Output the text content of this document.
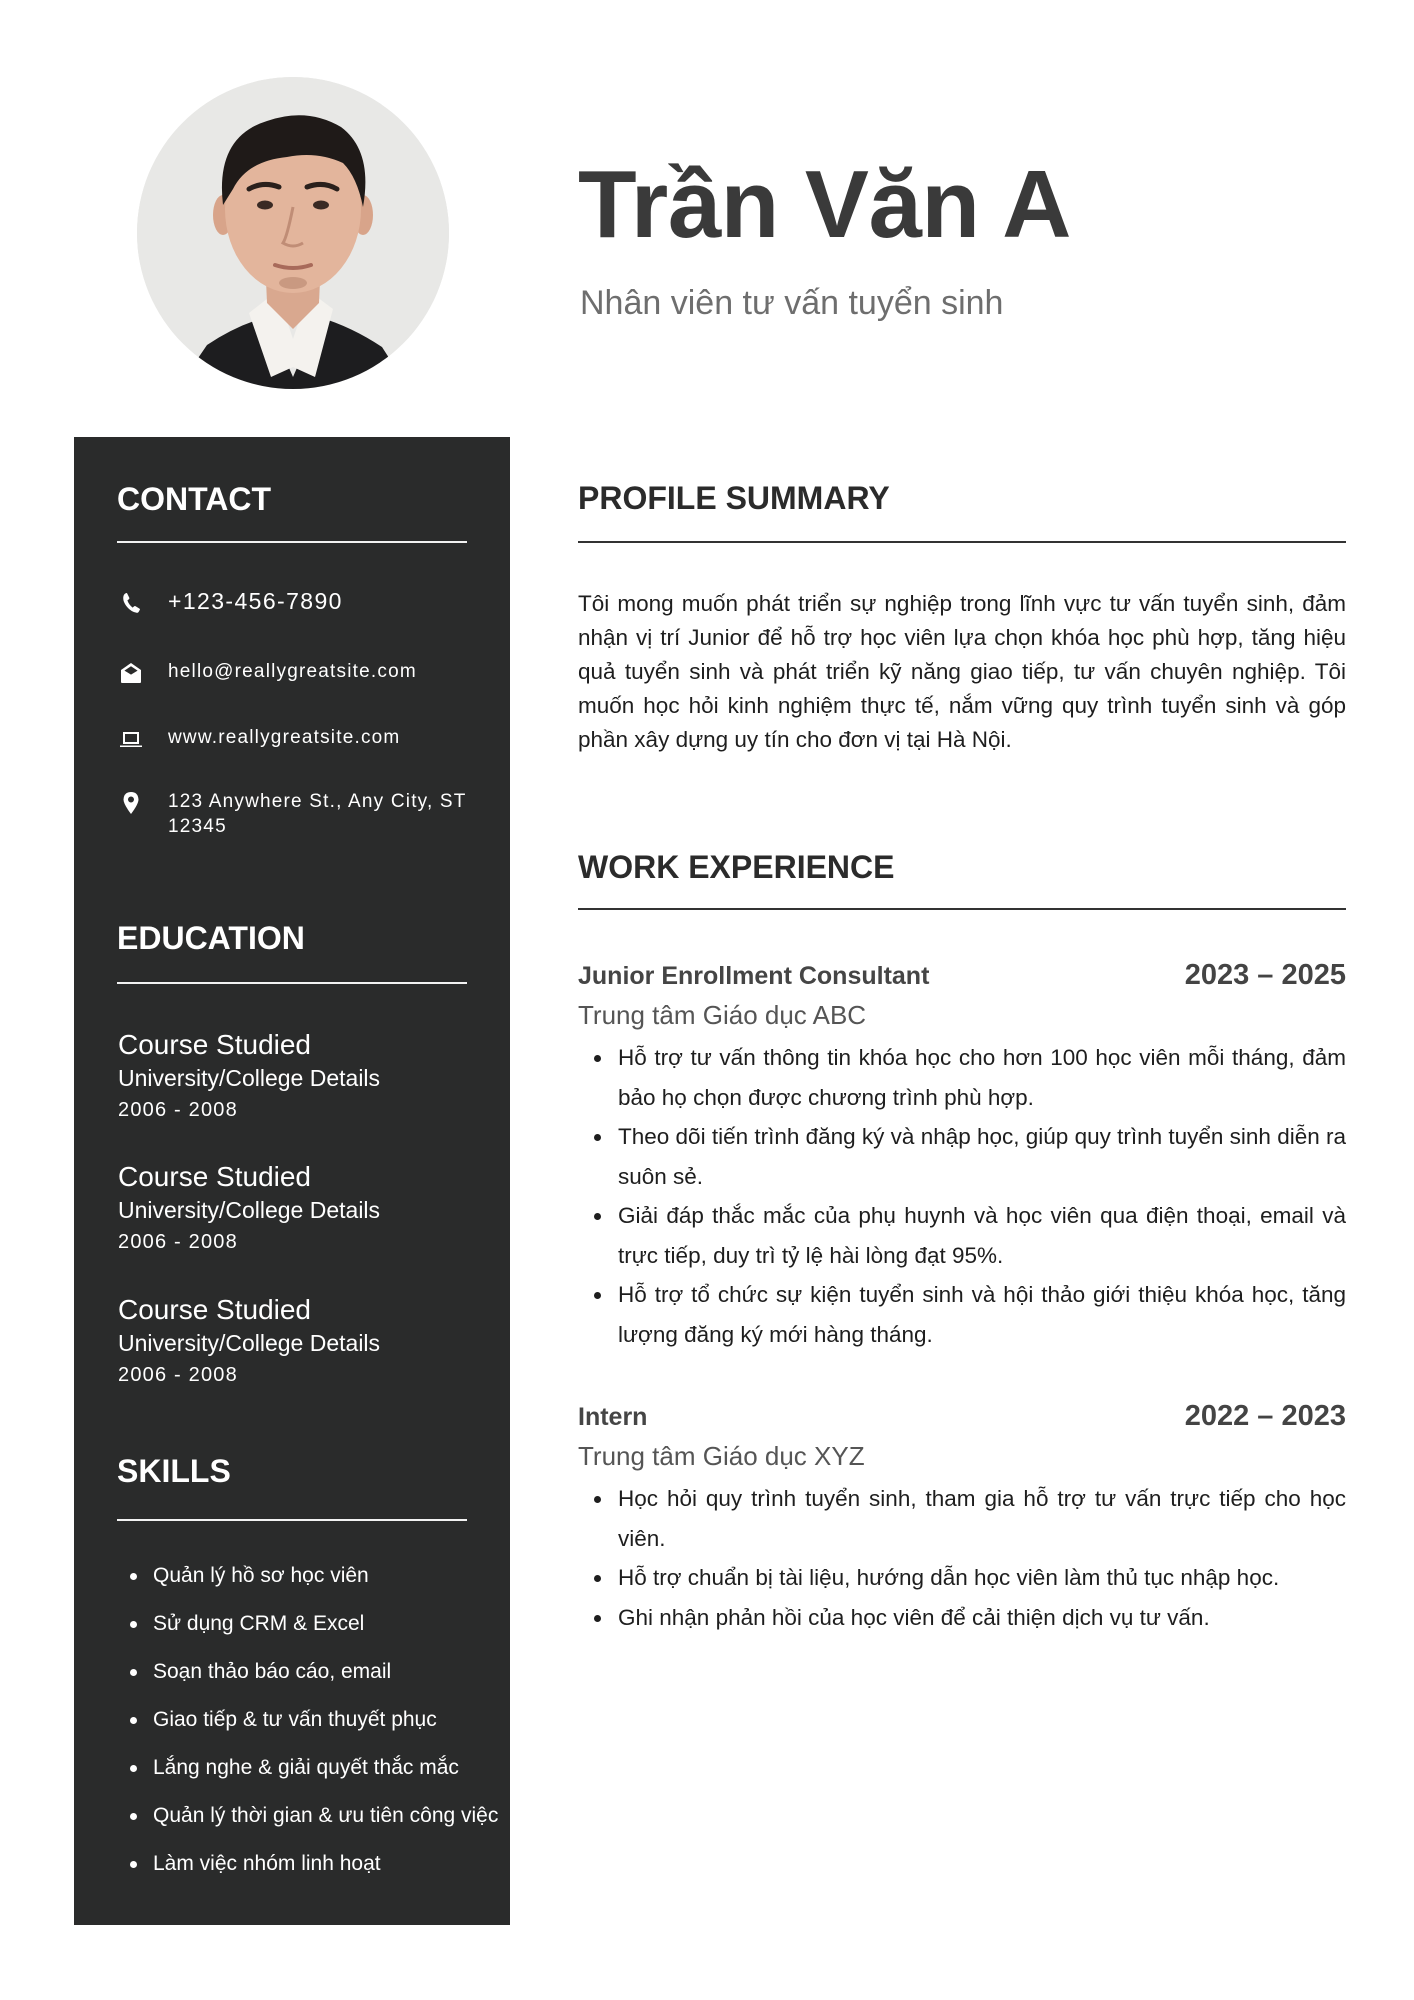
Trần Văn A
Nhân viên tư vấn tuyển sinh
CONTACT
+123-456-7890
hello@reallygreatsite.com
www.reallygreatsite.com
123 Anywhere St., Any City, ST 12345
EDUCATION
Course Studied
University/College Details
2006 - 2008
Course Studied
University/College Details
2006 - 2008
Course Studied
University/College Details
2006 - 2008
SKILLS
Quản lý hồ sơ học viên
Sử dụng CRM & Excel
Soạn thảo báo cáo, email
Giao tiếp & tư vấn thuyết phục
Lắng nghe & giải quyết thắc mắc
Quản lý thời gian & ưu tiên công việc
Làm việc nhóm linh hoạt
PROFILE SUMMARY

Tôi mong muốn phát triển sự nghiệp trong lĩnh vực tư vấn tuyển sinh, đảm nhận vị trí Junior để hỗ trợ học viên lựa chọn khóa học phù hợp, tăng hiệu quả tuyển sinh và phát triển kỹ năng giao tiếp, tư vấn chuyên nghiệp. Tôi muốn học hỏi kinh nghiệm thực tế, nắm vững quy trình tuyển sinh và góp phần xây dựng uy tín cho đơn vị tại Hà Nội.

WORK EXPERIENCE
Junior Enrollment Consultant	2023 – 2025
Trung tâm Giáo dục ABC
Hỗ trợ tư vấn thông tin khóa học cho hơn 100 học viên mỗi tháng, đảm bảo họ chọn được chương trình phù hợp.
Theo dõi tiến trình đăng ký và nhập học, giúp quy trình tuyển sinh diễn ra suôn sẻ.
Giải đáp thắc mắc của phụ huynh và học viên qua điện thoại, email và trực tiếp, duy trì tỷ lệ hài lòng đạt 95%.
Hỗ trợ tổ chức sự kiện tuyển sinh và hội thảo giới thiệu khóa học, tăng lượng đăng ký mới hàng tháng.
Intern	2022 – 2023
Trung tâm Giáo dục XYZ
Học hỏi quy trình tuyển sinh, tham gia hỗ trợ tư vấn trực tiếp cho học viên.
Hỗ trợ chuẩn bị tài liệu, hướng dẫn học viên làm thủ tục nhập học.
Ghi nhận phản hồi của học viên để cải thiện dịch vụ tư vấn.
